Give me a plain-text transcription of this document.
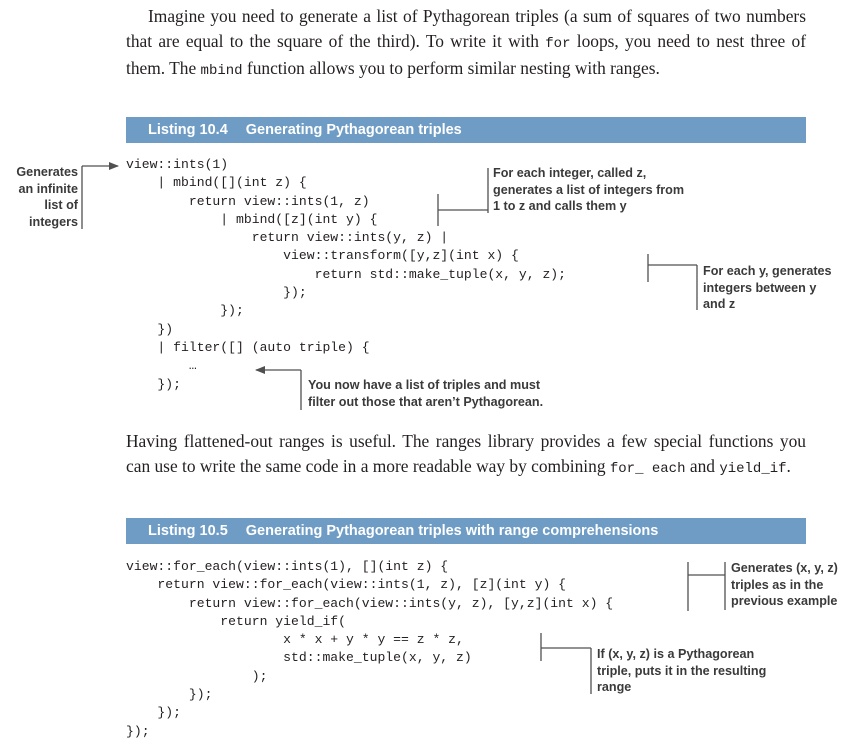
Imagine you need to generate a list of Pythagorean triples (a sum of squares of two numbers that are equal to the square of the third). To write it with for loops, you need to nest three of them. The mbind function allows you to perform similar nesting with ranges.

Listing 10.4 Generating Pythagorean triples
view::ints(1)
| mbind([](int z) {
return view::ints(1, z)
| mbind([z](int y) {
return view::ints(y, z) |
view::transform([y,z](int x) {
return std::make_tuple(x, y, z);
});
});
})
| filter([] (auto triple) {
…
});

Generates an infinite list of integers

For each integer, called z, generates a list of integers from 1 to z and calls them y

For each y, generates integers between y and z

You now have a list of triples and must filter out those that aren’t Pythagorean.

Having flattened-out ranges is useful. The ranges library provides a few special functions you can use to write the same code in a more readable way by combining for_ each and yield_if.

Listing 10.5 Generating Pythagorean triples with range comprehensions
view::for_each(view::ints(1), [](int z) {
return view::for_each(view::ints(1, z), [z](int y) {
return view::for_each(view::ints(y, z), [y,z](int x) {
return yield_if(
x * x + y * y == z * z,
std::make_tuple(x, y, z)
);
});
});
});

Generates (x, y, z) triples as in the previous example

If (x, y, z) is a Pythagorean triple, puts it in the resulting range
